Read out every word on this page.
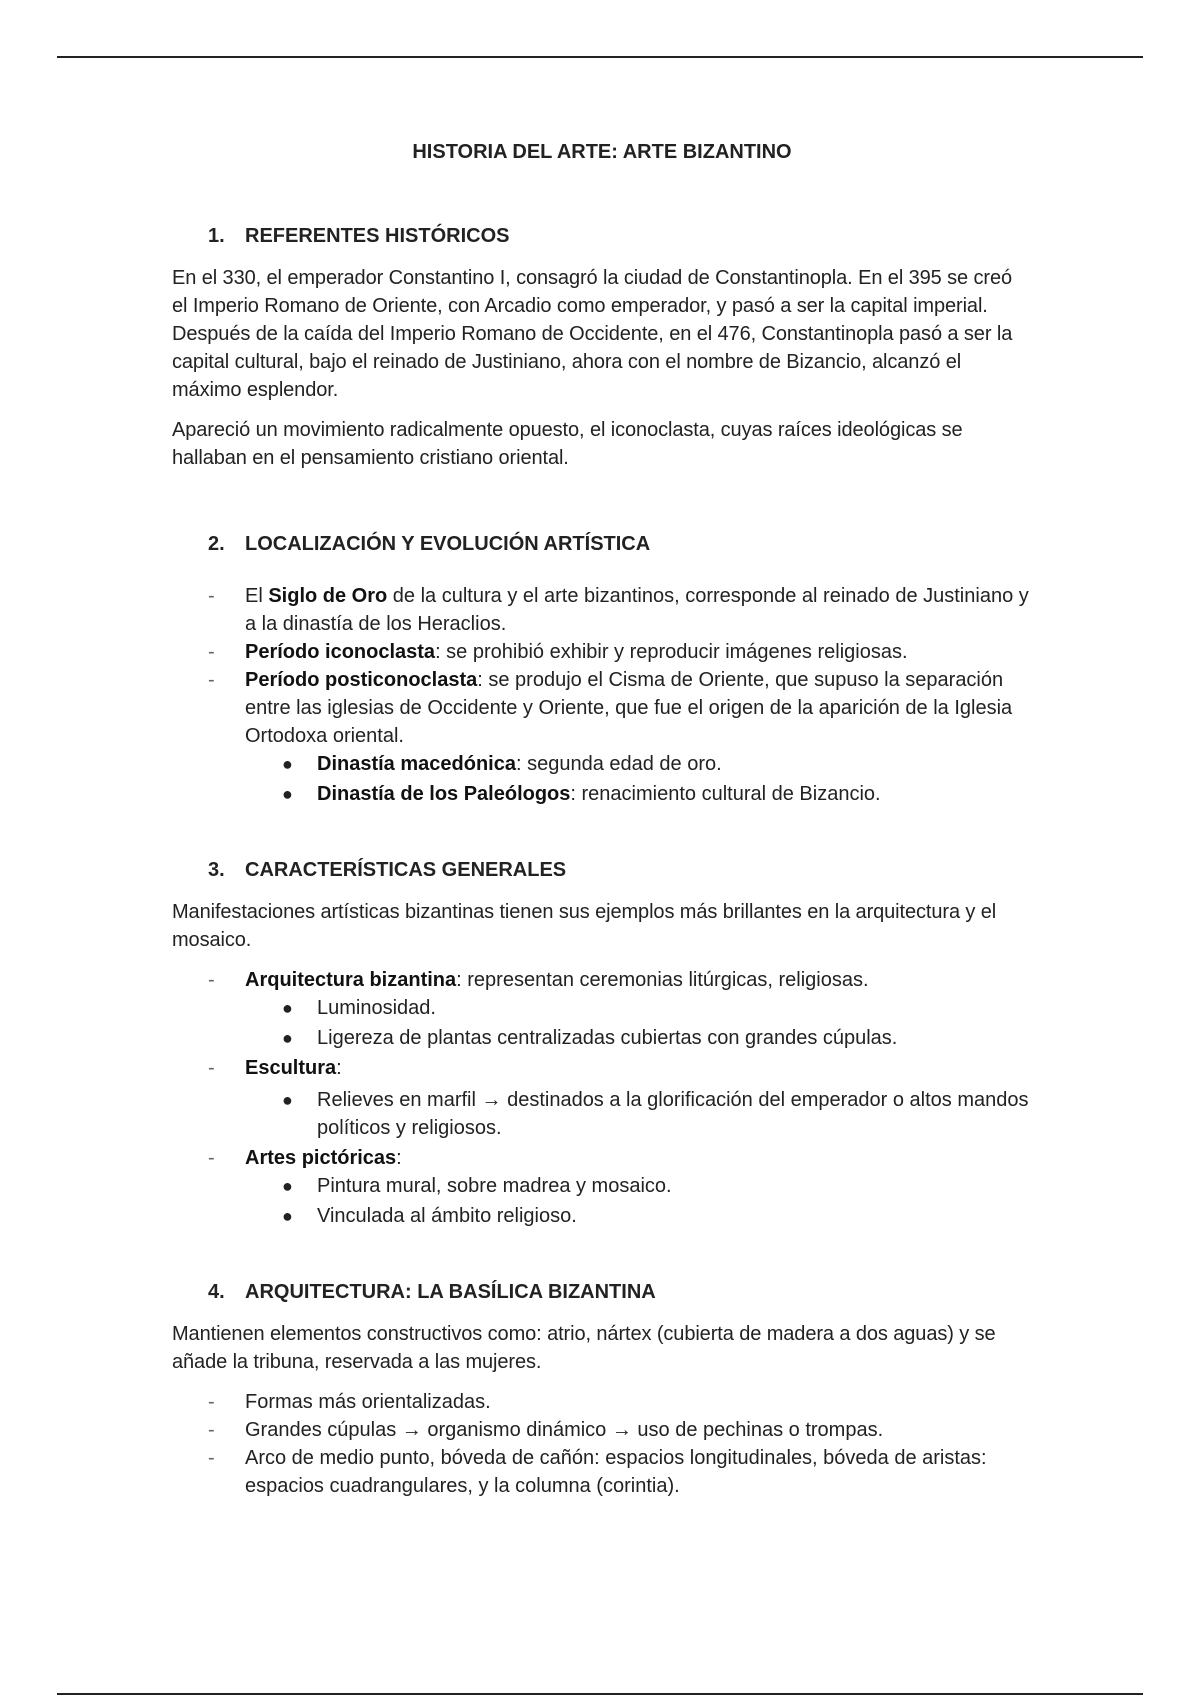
HISTORIA DEL ARTE: ARTE BIZANTINO
1. REFERENTES HISTÓRICOS

En el 330, el emperador Constantino I, consagró la ciudad de Constantinopla. En el 395 se creó el Imperio Romano de Oriente, con Arcadio como emperador, y pasó a ser la capital imperial. Después de la caída del Imperio Romano de Occidente, en el 476, Constantinopla pasó a ser la capital cultural, bajo el reinado de Justiniano, ahora con el nombre de Bizancio, alcanzó el máximo esplendor.

Apareció un movimiento radicalmente opuesto, el iconoclasta, cuyas raíces ideológicas se hallaban en el pensamiento cristiano oriental.

2. LOCALIZACIÓN Y EVOLUCIÓN ARTÍSTICA
- El Siglo de Oro de la cultura y el arte bizantinos, corresponde al reinado de Justiniano y a la dinastía de los Heraclios.
- Período iconoclasta: se prohibió exhibir y reproducir imágenes religiosas.
- Período posticonoclasta: se produjo el Cisma de Oriente, que supuso la separación entre las iglesias de Occidente y Oriente, que fue el origen de la aparición de la Iglesia Ortodoxa oriental.
● Dinastía macedónica: segunda edad de oro.
● Dinastía de los Paleólogos: renacimiento cultural de Bizancio.
3. CARACTERÍSTICAS GENERALES

Manifestaciones artísticas bizantinas tienen sus ejemplos más brillantes en la arquitectura y el mosaico.

- Arquitectura bizantina: representan ceremonias litúrgicas, religiosas.
● Luminosidad.
● Ligereza de plantas centralizadas cubiertas con grandes cúpulas.
- Escultura:
● Relieves en marfil → destinados a la glorificación del emperador o altos mandos políticos y religiosos.
- Artes pictóricas:
● Pintura mural, sobre madrea y mosaico.
● Vinculada al ámbito religioso.
4. ARQUITECTURA: LA BASÍLICA BIZANTINA

Mantienen elementos constructivos como: atrio, nártex (cubierta de madera a dos aguas) y se añade la tribuna, reservada a las mujeres.

- Formas más orientalizadas.
- Grandes cúpulas → organismo dinámico → uso de pechinas o trompas.
- Arco de medio punto, bóveda de cañón: espacios longitudinales, bóveda de aristas: espacios cuadrangulares, y la columna (corintia).
